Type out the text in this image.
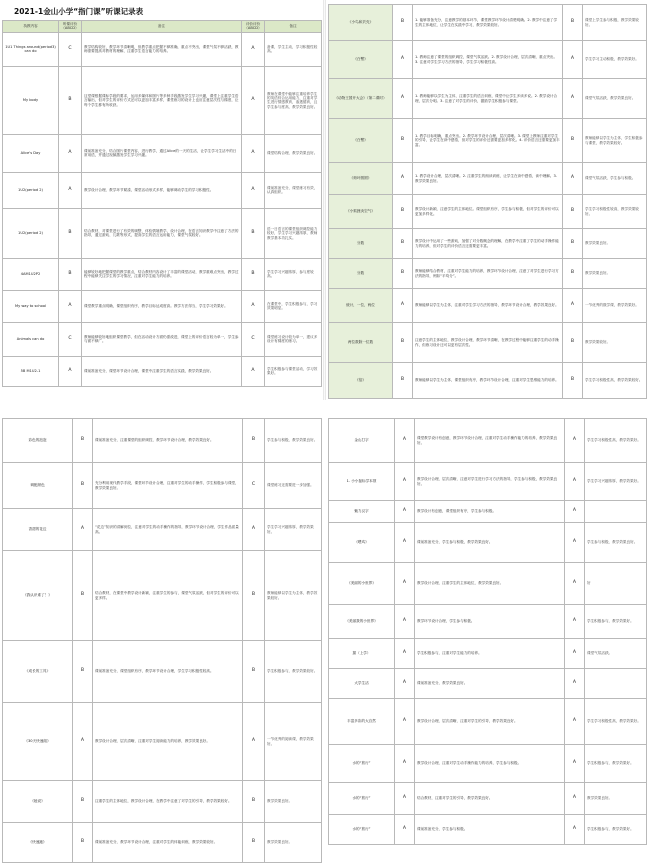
2021-1金山小学“指门课”听课记录表
执教内容	听课评价（ABCD）	备注	评价评价（ABCD）	备注
1U1 Things around(period3) can do	C	教学结构较好，教学环节清晰明，但教学重点把握不够准确，重点不突出，课堂气氛不够活跃，教师需要提高对教材的理解，注重学生语言能力的培养。	A	备课，学生主动，学习积极性较高。
My body	B	这堂课根据课标学段的要求，运用多媒体和图片等多种手段激发学生学习兴趣，课堂上注重学生语言输出，但对学生的评价方式还可以更加丰富多样，课堂练习的设计上也应注意层次性与梯度，让每个学生都有所收获。	A	教师在课堂中能够注重培养学生的英语综合运用能力，注重对学生进行情感教育，渗透德育，且学生参与度高，教学效果良好。
Alice's Day	A	课前准备充分，结合图片课堂内容，进行教学，通过Alice的一天的生活，让学生学习生活中的日常用语，并通过视频激发学生学习兴趣。	A	课堂结构合理，教学效果良好。
1U2(period 2)	A	教学设计合理，教学环节紧凑，课堂活动形式多样，能够调动学生的学习积极性。	A	课前准备充分，课堂练习有效，认真组织。
1U2(period 2)	B	结合教材，对课堂进行了有效的调整，体验情境教学，设计合理，在语言知识教学中注意了方法的指导，通过游戏、儿歌等形式，提高学生的语言运用能力，课堂气氛较好。	B	语一日语言的课堂组织调控能力较好，学生学习兴趣浓厚，教师教学基本功扎实。
4AM1U2P2	B	能够较好地把握课堂的教学重点，结合教材内容设计了丰富的课堂活动，教学重难点突出，教学过程中能够关注学生的学习情况，注重对学生能力的培养。	B	学生学习兴趣浓厚，参与度较高。
My way to school	A	课堂教学重点明确，课堂组织有序，教学目标达成度高。教学方法得当，学生学习效果好。	A	在课堂中，学生积极参与，学习效果明显。
Animals can do	C	教师能够较好地组织课堂教学，但在活动设计方面仍需改进，课堂上的评价语言较为单一，学生参与面不够广。	C	课堂练习设计较为单一，建议多设计有梯度的练习。
5B M1U2-1	A	课前准备充分，课堂环节设计合理，课堂中注重学生的语言实践，教学效果良好。	A	学生积极参与课堂活动，学习效果好。
《小鸟和贝壳》	B	1. 能够准备充分，注意教学的基本环节，课堂教学环节设计清楚明确。2. 教学中注意了学生的主体地位，让学生在实践中学习，教学效果较好。	B	课堂上学生参与积极，教学效果较好。
《白鹭》	A	1. 教师注意了课堂的组织调控，课堂气氛活跃。2. 教学设计合理，层次清晰，重点突出。3. 注意对学生学习方法的指导，学生学习积极性高。	A	学生学习主动积极，教学效果好。
《动物王国开大会》（第二课时）	A	1. 教师能够以学生为主体，注重学生的语言训练，课堂中让学生多读多说。2. 教学设计合理，层次分明。3. 注意了对学生的评价，激励学生积极参与课堂。	A	课堂气氛活跃，教学效果良好。
《白鹭》	B	1. 教学目标明确，重点突出。2. 教学环节设计合理，层次清晰。3. 课堂上教师注重对学生的引导，让学生在读中感悟，但对学生的评价还需要更加多样化。4. 评价语言还需要更加丰富。	B	教师能够以学生为主体，学生积极参与课堂，教学效果较好。
《荷叶圆圆》	A	1. 教学设计合理，层次清晰。2. 注重学生的朗读训练，让学生在读中感悟，读中理解。3. 教学效果良好。	A	课堂气氛活跃，学生参与积极。
《小狐狸卖空气》	B	教学设计新颖，注意学生的主体地位。课堂组织有序，学生参与积极，但对学生的评价可以更加多样化。	B	学生学习积极性较高，教学效果较好。
分数	B	教学设计中运用了一些游戏，加强了对分数概念的理解，在教学中注重了学生的动手操作能力的培养，但对学生的评价语言还需要更丰富。	B	教学效果良好。
分数	B	教师能够结合教材，注重对学生能力的培养，教学环节设计合理，注意了对学生进行学习方法的指导，例如“平均分”。	B	教学效果良好。
统计，一位，两位	A	教师能够以学生为主体，注重对学生学习方法的指导，教学环节设计合理，教学效果良好。	A	一节优秀的数学课，教学效果好。
两位数除一位数	B	注意学生的主体地位，教学设计合理，教学环节清晰，在教学过程中能够注重学生的动手操作，但练习设计还可以更有层次性。	B	教学效果较好。
《倍》	B	教师能够以学生为主体，课堂组织有序，教学环节设计合理，注重对学生思维能力的培养。	B	学生学习积极性高，教学效果较好。
彩色的泡泡	B	课前准备充分，注重课堂的组织调控，教学环节设计合理，教学效果良好。	B	学生参与积极，教学效果良好。
调配颜色	B	充分利用现代教学手段，课堂环节设计合理，注重对学生的动手操作，学生积极参与课堂，教学效果良好。	C	课堂练习还需要进一步加强。
香甜的花边	A	“花边”知识的讲解到位，注意对学生的动手操作的指导，教学环节设计合理，学生作品质量高。	A	学生学习兴趣浓厚，教学效果好。
《我认识谁了！》	B	结合教材，在课堂中教学设计新颖，注重学生的参与，课堂气氛活跃，但对学生的评价可以更多样。	B	教师能够以学生为主体，教学效果较好。
《成长的工具》	B	课前准备充分，课堂组织有序，教学环节设计合理，学生学习积极性较高。	B	学生积极参与，教学效果较好。
《30天快速阅》	A	教学设计合理，层次清晰，注重对学生阅读能力的培养，教学效果良好。	A	一节优秀的阅读课，教学效果好。
《她说》	B	注重学生的主体地位，教学设计合理，在教学中注意了对学生的引导，教学效果较好。	B	教学效果良好。
《快速跑》	B	课前准备充分，教学环节设计合理，注重对学生的体能训练，教学效果较好。	B	教学效果良好。
金山打字	A	课堂教学设计有创意，教学环节设计合理，注重对学生动手操作能力的培养，教学效果良好。	A	学生学习积极性高，教学效果好。
1. 小小鼠标学本领	A	教学设计合理，层次清晰，注意对学生进行学习方法的指导，学生参与积极，教学效果良好。	A	学生学习兴趣浓厚，教学效果好。
魅力汉字	A	教学设计有创意，课堂组织有序，学生参与积极。	A	
《喂鸡》	A	课前准备充分，学生参与积极，教学效果良好。	A	学生参与积极，教学效果良好。
《美丽的小世界》	A	教学设计合理，注重学生的主体地位，教学效果良好。	A	好
《美丽我的小世界》	A	教学环节设计合理，学生参与积极。	A	学生积极参与，教学效果好。
猫（上学）	A	学生积极参与，注重对学生能力的培养。	A	课堂气氛活跃。
大学生活	A	课前准备充分，教学效果良好。	A	
丰富多彩的大自然	A	教学设计合理，层次清晰，注重对学生的引导，教学效果良好。	A	学生学习积极性高，教学效果好。
水的“旅行”	A	教学设计合理，注重对学生动手操作能力的培养，学生参与积极。	A	学生积极参与，教学效果好。
水的“旅行”	A	结合教材，注重对学生的引导，教学效果良好。	A	教学效果良好。
水的“旅行”	A	课前准备充分，学生参与积极。	A	学生积极参与，教学效果好。
